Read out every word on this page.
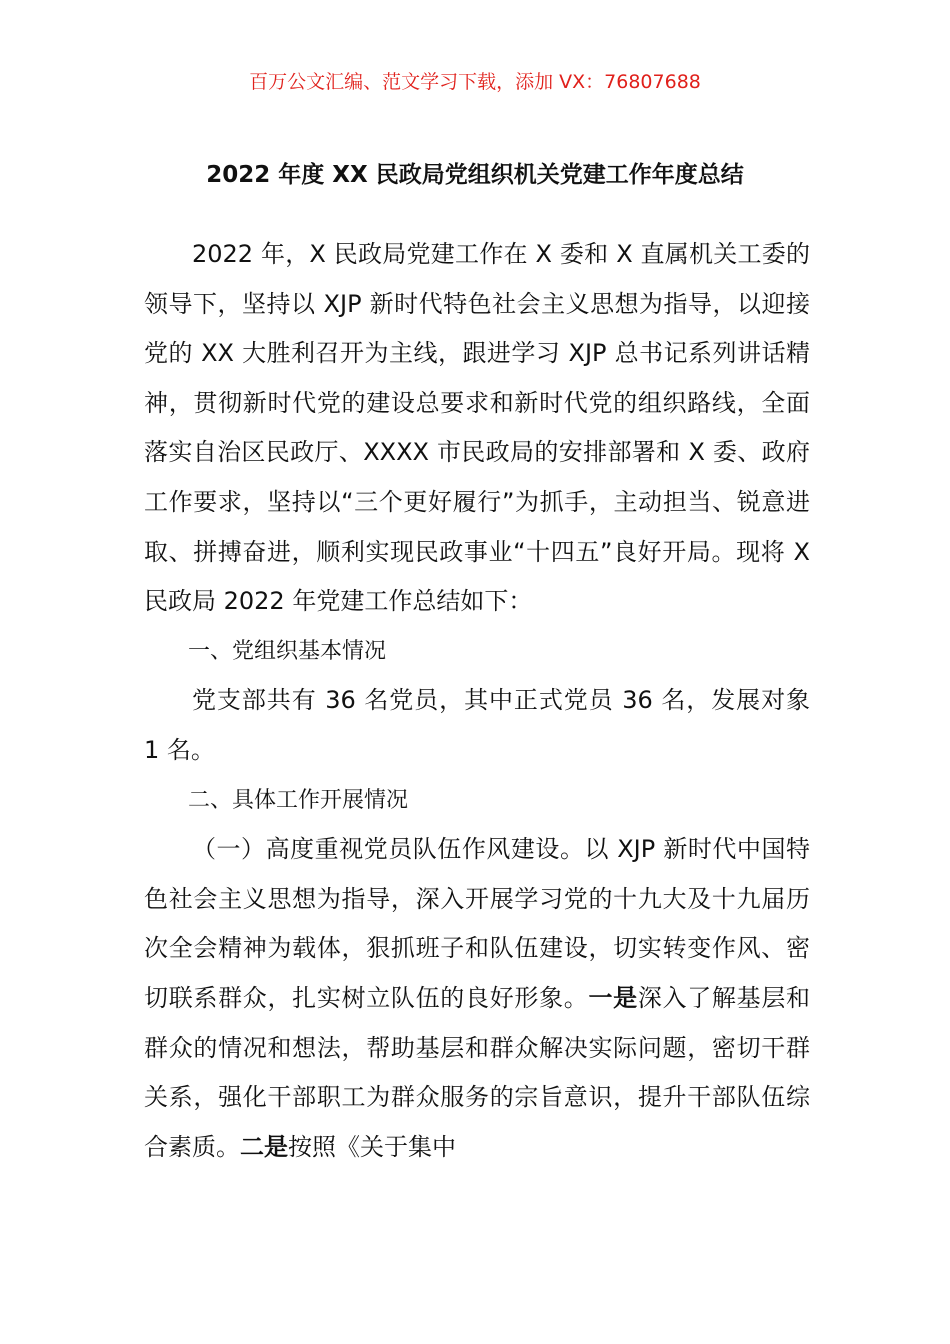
百万公文汇编、范文学习下载，添加 VX：76807688
2022 年度 XX 民政局党组织机关党建工作年度总结

2022 年，X 民政局党建工作在 X 委和 X 直属机关工委的领导下，坚持以 XJP 新时代特色社会主义思想为指导，以迎接党的 XX 大胜利召开为主线，跟进学习 XJP 总书记系列讲话精神，贯彻新时代党的建设总要求和新时代党的组织路线，全面落实自治区民政厅、XXXX 市民政局的安排部署和 X 委、政府工作要求，坚持以“三个更好履行”为抓手，主动担当、锐意进取、拼搏奋进，顺利实现民政事业“十四五”良好开局。现将 X 民政局 2022 年党建工作总结如下：

一、党组织基本情况

党支部共有 36 名党员，其中正式党员 36 名，发展对象 1 名。

二、具体工作开展情况

（一）高度重视党员队伍作风建设。以 XJP 新时代中国特色社会主义思想为指导，深入开展学习党的十九大及十九届历次全会精神为载体，狠抓班子和队伍建设，切实转变作风、密切联系群众，扎实树立队伍的良好形象。一是深入了解基层和群众的情况和想法，帮助基层和群众解决实际问题，密切干群关系，强化干部职工为群众服务的宗旨意识，提升干部队伍综合素质。二是按照《关于集中
